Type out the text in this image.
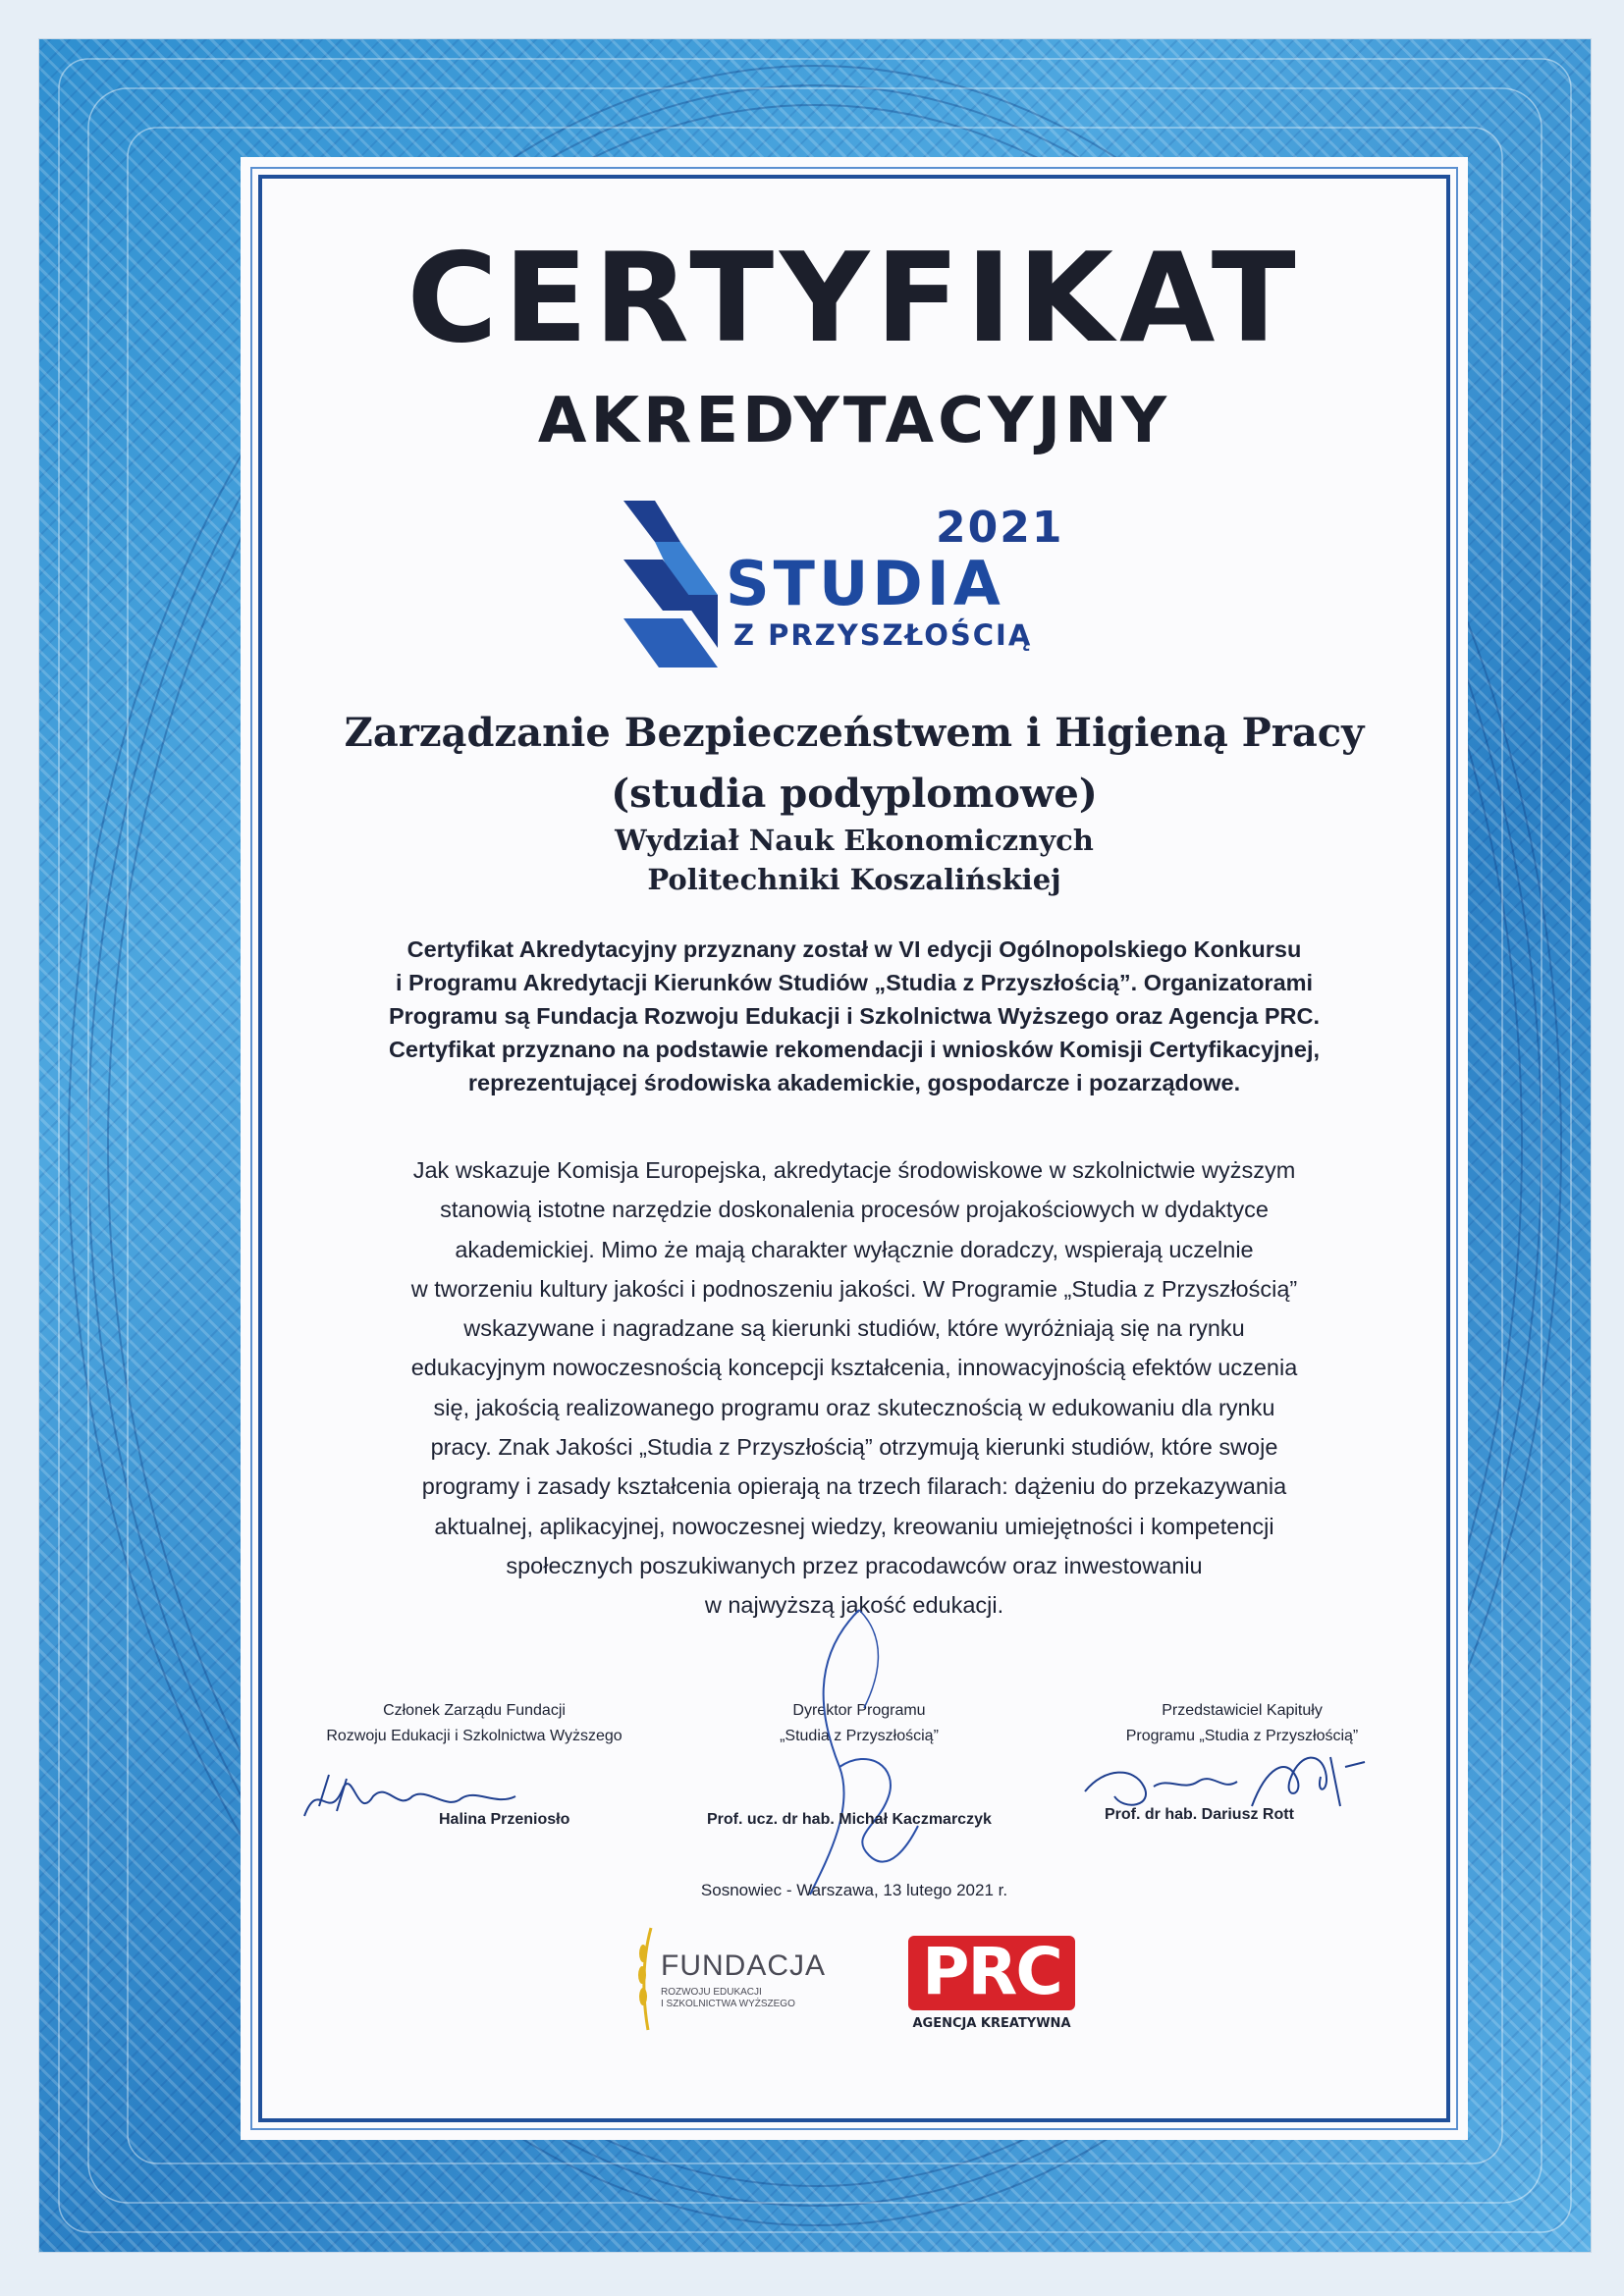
CERTYFIKAT
AKREDYTACYJNY
2021
STUDIA
Z PRZYSZŁOŚCIĄ
Zarządzanie Bezpieczeństwem i Higieną Pracy
(studia podyplomowe)
Wydział Nauk Ekonomicznych
Politechniki Koszalińskiej
Certyfikat Akredytacyjny przyznany został w VI edycji Ogólnopolskiego Konkursu
i Programu Akredytacji Kierunków Studiów „Studia z Przyszłością”. Organizatorami
Programu są Fundacja Rozwoju Edukacji i Szkolnictwa Wyższego oraz Agencja PRC.
Certyfikat przyznano na podstawie rekomendacji i wniosków Komisji Certyfikacyjnej,
reprezentującej środowiska akademickie, gospodarcze i pozarządowe.
Jak wskazuje Komisja Europejska, akredytacje środowiskowe w szkolnictwie wyższym
stanowią istotne narzędzie doskonalenia procesów projakościowych w dydaktyce
akademickiej. Mimo że mają charakter wyłącznie doradczy, wspierają uczelnie
w tworzeniu kultury jakości i podnoszeniu jakości. W Programie „Studia z Przyszłością”
wskazywane i nagradzane są kierunki studiów, które wyróżniają się na rynku
edukacyjnym nowoczesnością koncepcji kształcenia, innowacyjnością efektów uczenia
się, jakością realizowanego programu oraz skutecznością w edukowaniu dla rynku
pracy. Znak Jakości „Studia z Przyszłością” otrzymują kierunki studiów, które swoje
programy i zasady kształcenia opierają na trzech filarach: dążeniu do przekazywania
aktualnej, aplikacyjnej, nowoczesnej wiedzy, kreowaniu umiejętności i kompetencji
społecznych poszukiwanych przez pracodawców oraz inwestowaniu
w najwyższą jakość edukacji.
Członek Zarządu Fundacji
Rozwoju Edukacji i Szkolnictwa Wyższego
Dyrektor Programu
„Studia z Przyszłością”
Przedstawiciel Kapituły
Programu „Studia z Przyszłością”
Halina Przeniosło	Prof. ucz. dr hab. Michał Kaczmarczyk	Prof. dr hab. Dariusz Rott
Sosnowiec - Warszawa, 13 lutego 2021 r.
FUNDACJA
ROZWOJU EDUKACJI
I SZKOLNICTWA WYŻSZEGO PRC
AGENCJA KREATYWNA
